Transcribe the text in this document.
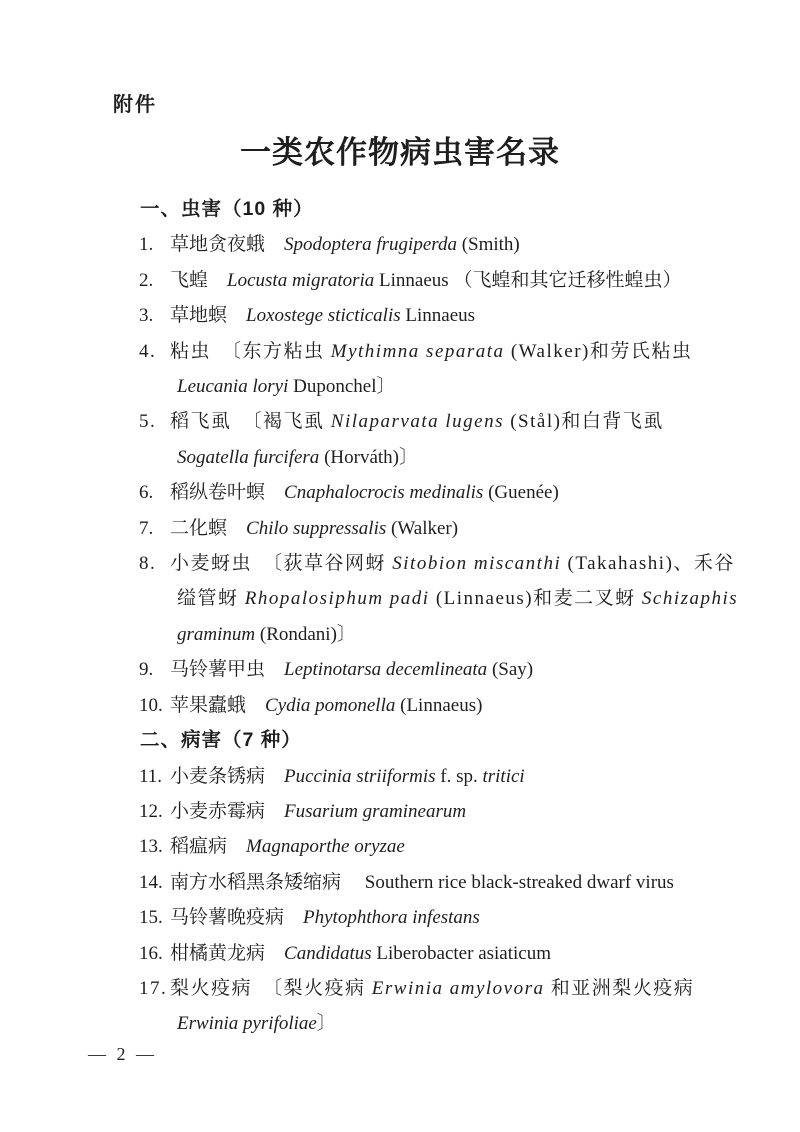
附件
一类农作物病虫害名录
一、虫害（10 种）
1. 草地贪夜蛾　Spodoptera frugiperda (Smith)
2. 飞蝗　Locusta migratoria Linnaeus （飞蝗和其它迁移性蝗虫）
3. 草地螟　Loxostege sticticalis Linnaeus
4. 粘虫　〔东方粘虫 Mythimna separata (Walker)和劳氏粘虫
Leucania loryi Duponchel〕
5. 稻飞虱　〔褐飞虱 Nilaparvata lugens (Stål)和白背飞虱
Sogatella furcifera (Horváth)〕
6. 稻纵卷叶螟　Cnaphalocrocis medinalis (Guenée)
7. 二化螟　Chilo suppressalis (Walker)
8. 小麦蚜虫　〔荻草谷网蚜 Sitobion miscanthi (Takahashi)、禾谷
缢管蚜 Rhopalosiphum padi (Linnaeus)和麦二叉蚜 Schizaphis
graminum (Rondani)〕
9. 马铃薯甲虫　Leptinotarsa decemlineata (Say)
10. 苹果蠹蛾　Cydia pomonella (Linnaeus)
二、病害（7 种）
11. 小麦条锈病　Puccinia striiformis f. sp. tritici
12. 小麦赤霉病　Fusarium graminearum
13. 稻瘟病　Magnaporthe oryzae
14. 南方水稻黑条矮缩病　 Southern rice black-streaked dwarf virus
15. 马铃薯晚疫病　Phytophthora infestans
16. 柑橘黄龙病　Candidatus Liberobacter asiaticum
17. 梨火疫病　〔梨火疫病 Erwinia amylovora 和亚洲梨火疫病
Erwinia pyrifoliae〕
— 2 —
